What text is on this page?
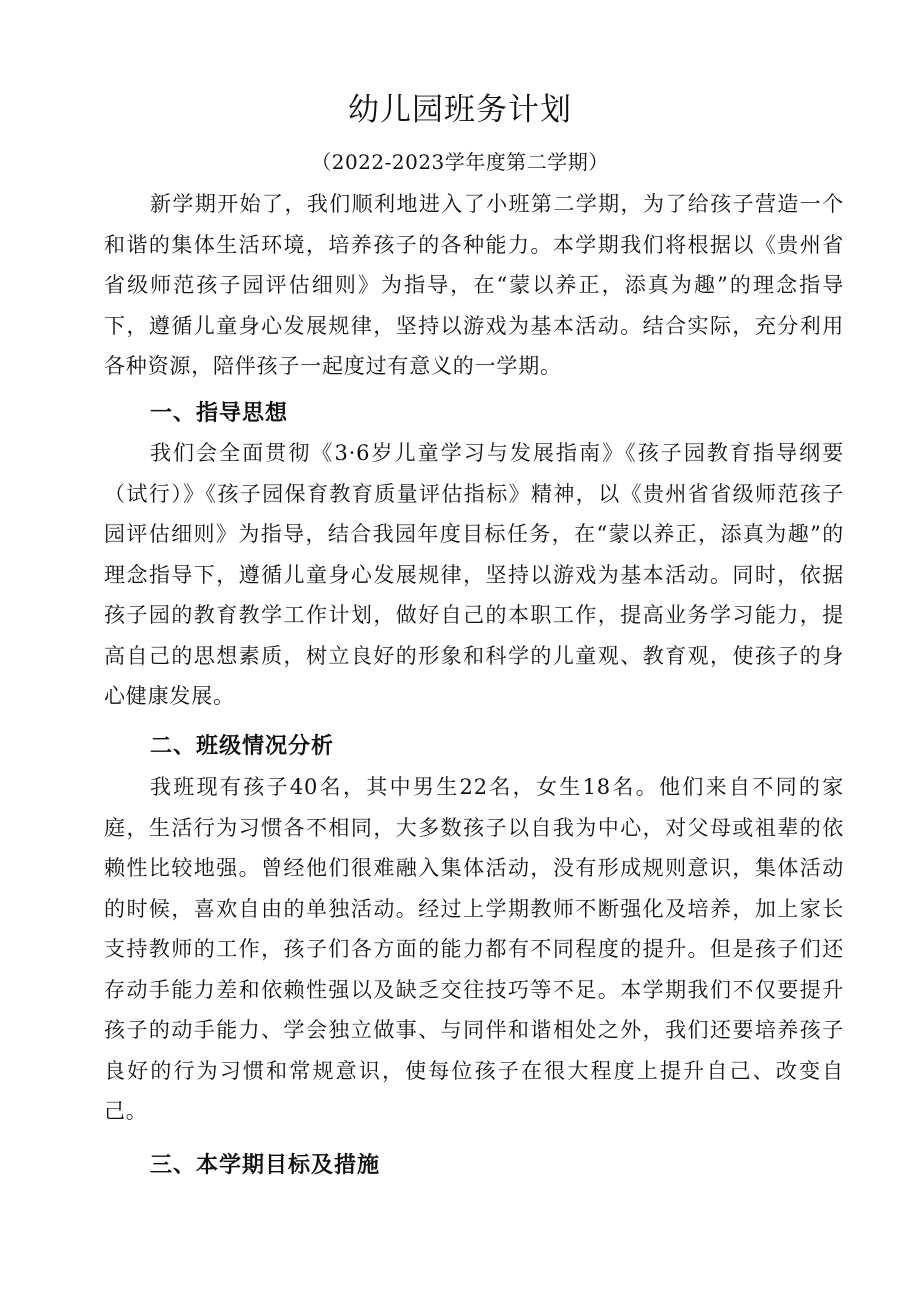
幼儿园班务计划
（2022-2023学年度第二学期）

新学期开始了，我们顺利地进入了小班第二学期，为了给孩子营造一个和谐的集体生活环境，培养孩子的各种能力。本学期我们将根据以《贵州省省级师范孩子园评估细则》为指导，在“蒙以养正，添真为趣”的理念指导下，遵循儿童身心发展规律，坚持以游戏为基本活动。结合实际，充分利用各种资源，陪伴孩子一起度过有意义的一学期。

一、指导思想

我们会全面贯彻《3·6岁儿童学习与发展指南》《孩子园教育指导纲要（试行）》《孩子园保育教育质量评估指标》精神，以《贵州省省级师范孩子园评估细则》为指导，结合我园年度目标任务，在“蒙以养正，添真为趣”的理念指导下，遵循儿童身心发展规律，坚持以游戏为基本活动。同时，依据孩子园的教育教学工作计划，做好自己的本职工作，提高业务学习能力，提高自己的思想素质，树立良好的形象和科学的儿童观、教育观，使孩子的身心健康发展。

二、班级情况分析

我班现有孩子40名，其中男生22名，女生18名。他们来自不同的家庭，生活行为习惯各不相同，大多数孩子以自我为中心，对父母或祖辈的依赖性比较地强。曾经他们很难融入集体活动，没有形成规则意识，集体活动的时候，喜欢自由的单独活动。经过上学期教师不断强化及培养，加上家长支持教师的工作，孩子们各方面的能力都有不同程度的提升。但是孩子们还存动手能力差和依赖性强以及缺乏交往技巧等不足。本学期我们不仅要提升孩子的动手能力、学会独立做事、与同伴和谐相处之外，我们还要培养孩子良好的行为习惯和常规意识，使每位孩子在很大程度上提升自己、改变自己。

三、本学期目标及措施
